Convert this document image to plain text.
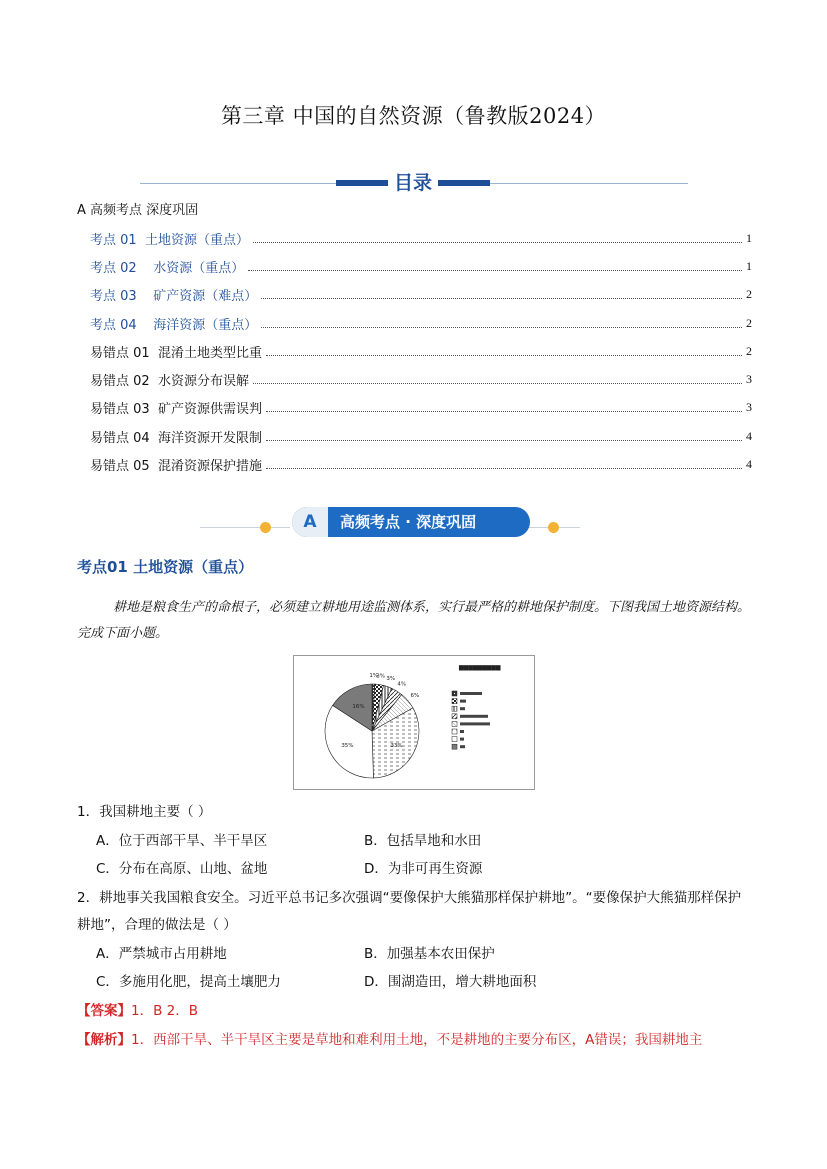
第三章 中国的自然资源（鲁教版2024）
目录
A 高频考点 深度巩固
考点 01  土地资源（重点）	1
考点 02    水资源（重点）	1
考点 03    矿产资源（难点）	2
考点 04    海洋资源（重点）	2
易错点 01  混淆土地类型比重	2
易错点 02  水资源分布误解	3
易错点 03  矿产资源供需误判	3
易错点 04  海洋资源开发限制	4
易错点 05  混淆资源保护措施	4
A	高频考点 · 深度巩固
考点01 土地资源（重点）
耕地是粮食生产的命根子，必须建立耕地用途监测体系，实行最严格的耕地保护制度。下图我国土地资源结构。完成下面小题。
▆▆▆▆▆▆▆▆▆
1%
3% 3%
4%
6%
33%
35%
16%
1．我国耕地主要（ ）
A．位于西部干旱、半干旱区	B．包括旱地和水田
C．分布在高原、山地、盆地	D．为非可再生资源
2．耕地事关我国粮食安全。习近平总书记多次强调“要像保护大熊猫那样保护耕地”。“要像保护大熊猫那样保护耕地”，合理的做法是（ ）
A．严禁城市占用耕地	B．加强基本农田保护
C．多施用化肥，提高土壤肥力	D．围湖造田，增大耕地面积
【答案】1．B 2．B
【解析】1．西部干旱、半干旱区主要是草地和难利用土地，不是耕地的主要分布区，A错误；我国耕地主
